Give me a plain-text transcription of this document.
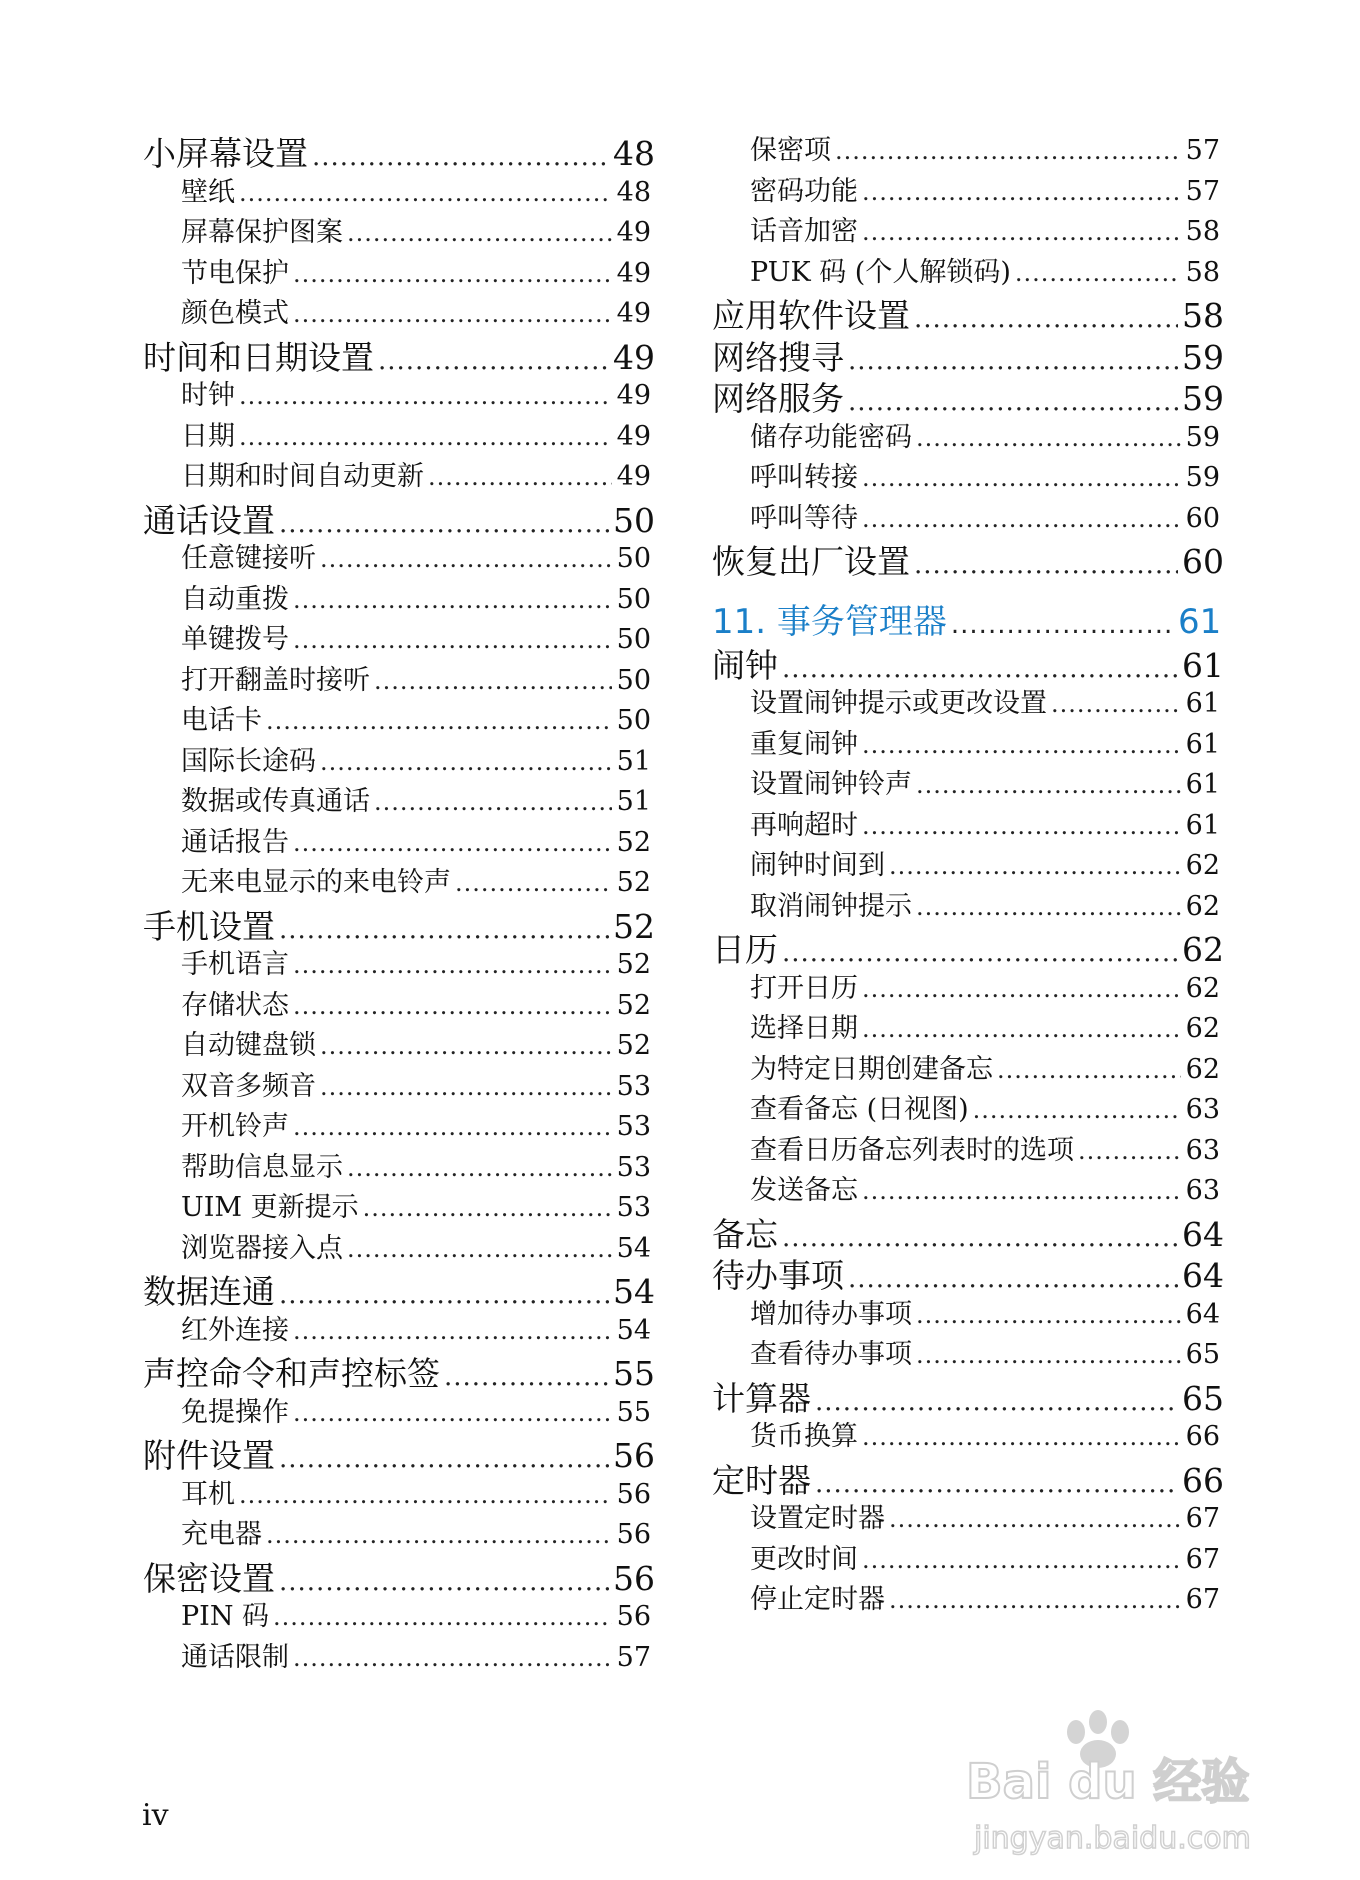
小屏幕设置 .....	48
壁纸 .....	48
屏幕保护图案 .....	49
节电保护 .....	49
颜色模式 .....	49
时间和日期设置 .....	49
时钟 .....	49
日期 .....	49
日期和时间自动更新 .....	49
通话设置 .....	50
任意键接听 .....	50
自动重拨 .....	50
单键拨号 .....	50
打开翻盖时接听 .....	50
电话卡 .....	50
国际长途码 .....	51
数据或传真通话 .....	51
通话报告 .....	52
无来电显示的来电铃声 .....	52
手机设置 .....	52
手机语言 .....	52
存储状态 .....	52
自动键盘锁 .....	52
双音多频音 .....	53
开机铃声 .....	53
帮助信息显示 .....	53
UIM 更新提示 .....	53
浏览器接入点 .....	54
数据连通 .....	54
红外连接 .....	54
声控命令和声控标签 .....	55
免提操作 .....	55
附件设置 .....	56
耳机 .....	56
充电器 .....	56
保密设置 .....	56
PIN 码 .....	56
通话限制 .....	57
保密项 .....	57
密码功能 .....	57
话音加密 .....	58
PUK 码 (个人解锁码) .....	58
应用软件设置 .....	58
网络搜寻 .....	59
网络服务 .....	59
储存功能密码 .....	59
呼叫转接 .....	59
呼叫等待 .....	60
恢复出厂设置 .....	60
11. 事务管理器 .....	61
闹钟 .....	61
设置闹钟提示或更改设置 .....	61
重复闹钟 .....	61
设置闹钟铃声 .....	61
再响超时 .....	61
闹钟时间到 .....	62
取消闹钟提示 .....	62
日历 .....	62
打开日历 .....	62
选择日期 .....	62
为特定日期创建备忘 .....	62
查看备忘 (日视图) .....	63
查看日历备忘列表时的选项 .....	63
发送备忘 .....	63
备忘 .....	64
待办事项 .....	64
增加待办事项 .....	64
查看待办事项 .....	65
计算器 .....	65
货币换算 .....	66
定时器 .....	66
设置定时器 .....	67
更改时间 .....	67
停止定时器 .....	67
iv
Bai du 经验
jingyan.baidu.com
